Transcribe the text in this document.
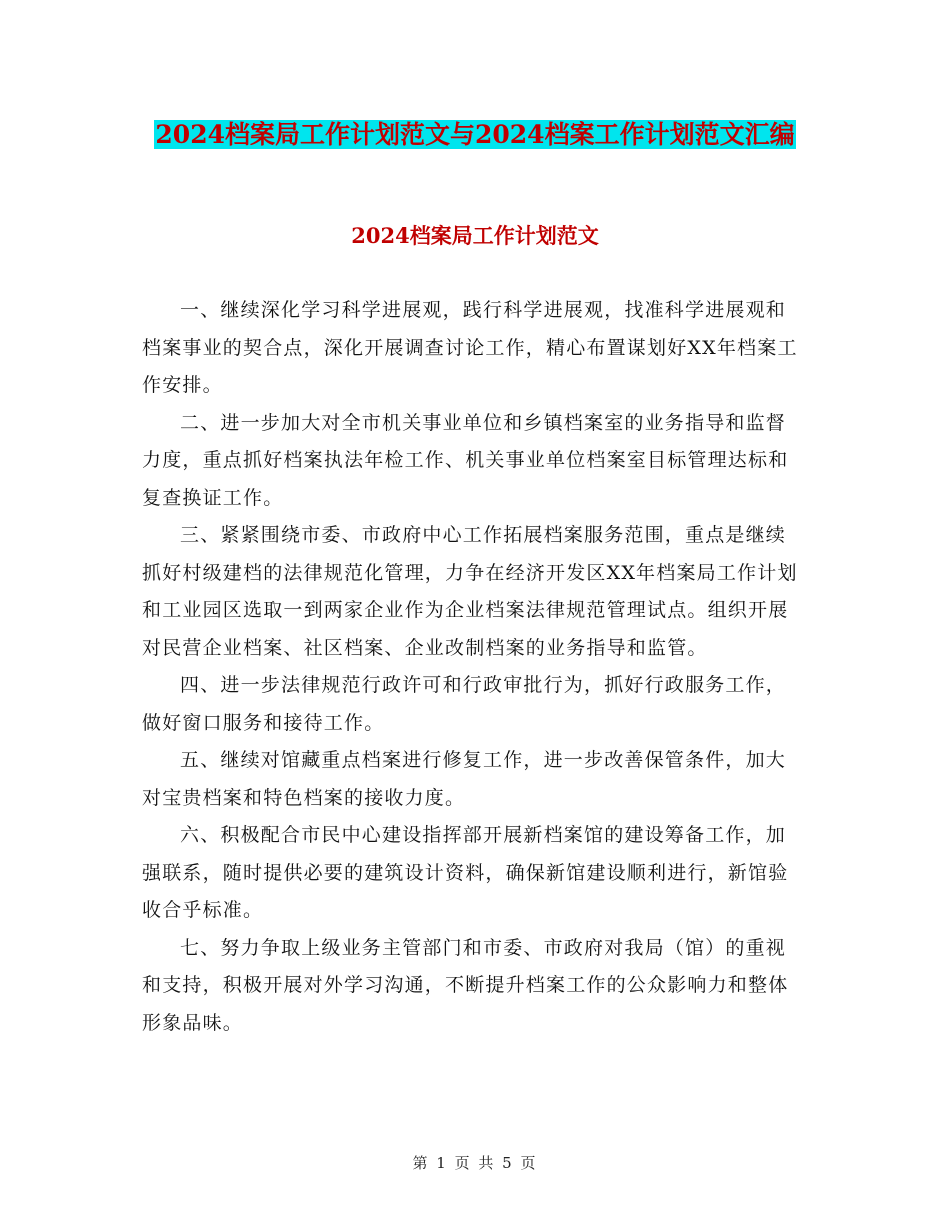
2024档案局工作计划范文与2024档案工作计划范文汇编
2024档案局工作计划范文

一、继续深化学习科学进展观，践行科学进展观，找准科学进展观和档案事业的契合点，深化开展调查讨论工作，精心布置谋划好XX年档案工作安排。

二、进一步加大对全市机关事业单位和乡镇档案室的业务指导和监督力度，重点抓好档案执法年检工作、机关事业单位档案室目标管理达标和复查换证工作。

三、紧紧围绕市委、市政府中心工作拓展档案服务范围，重点是继续抓好村级建档的法律规范化管理，力争在经济开发区XX年档案局工作计划和工业园区选取一到两家企业作为企业档案法律规范管理试点。组织开展对民营企业档案、社区档案、企业改制档案的业务指导和监管。

四、进一步法律规范行政许可和行政审批行为，抓好行政服务工作，做好窗口服务和接待工作。

五、继续对馆藏重点档案进行修复工作，进一步改善保管条件，加大对宝贵档案和特色档案的接收力度。

六、积极配合市民中心建设指挥部开展新档案馆的建设筹备工作，加强联系，随时提供必要的建筑设计资料，确保新馆建设顺利进行，新馆验收合乎标准。

七、努力争取上级业务主管部门和市委、市政府对我局（馆）的重视和支持，积极开展对外学习沟通，不断提升档案工作的公众影响力和整体形象品味。

第 1 页 共 5 页
